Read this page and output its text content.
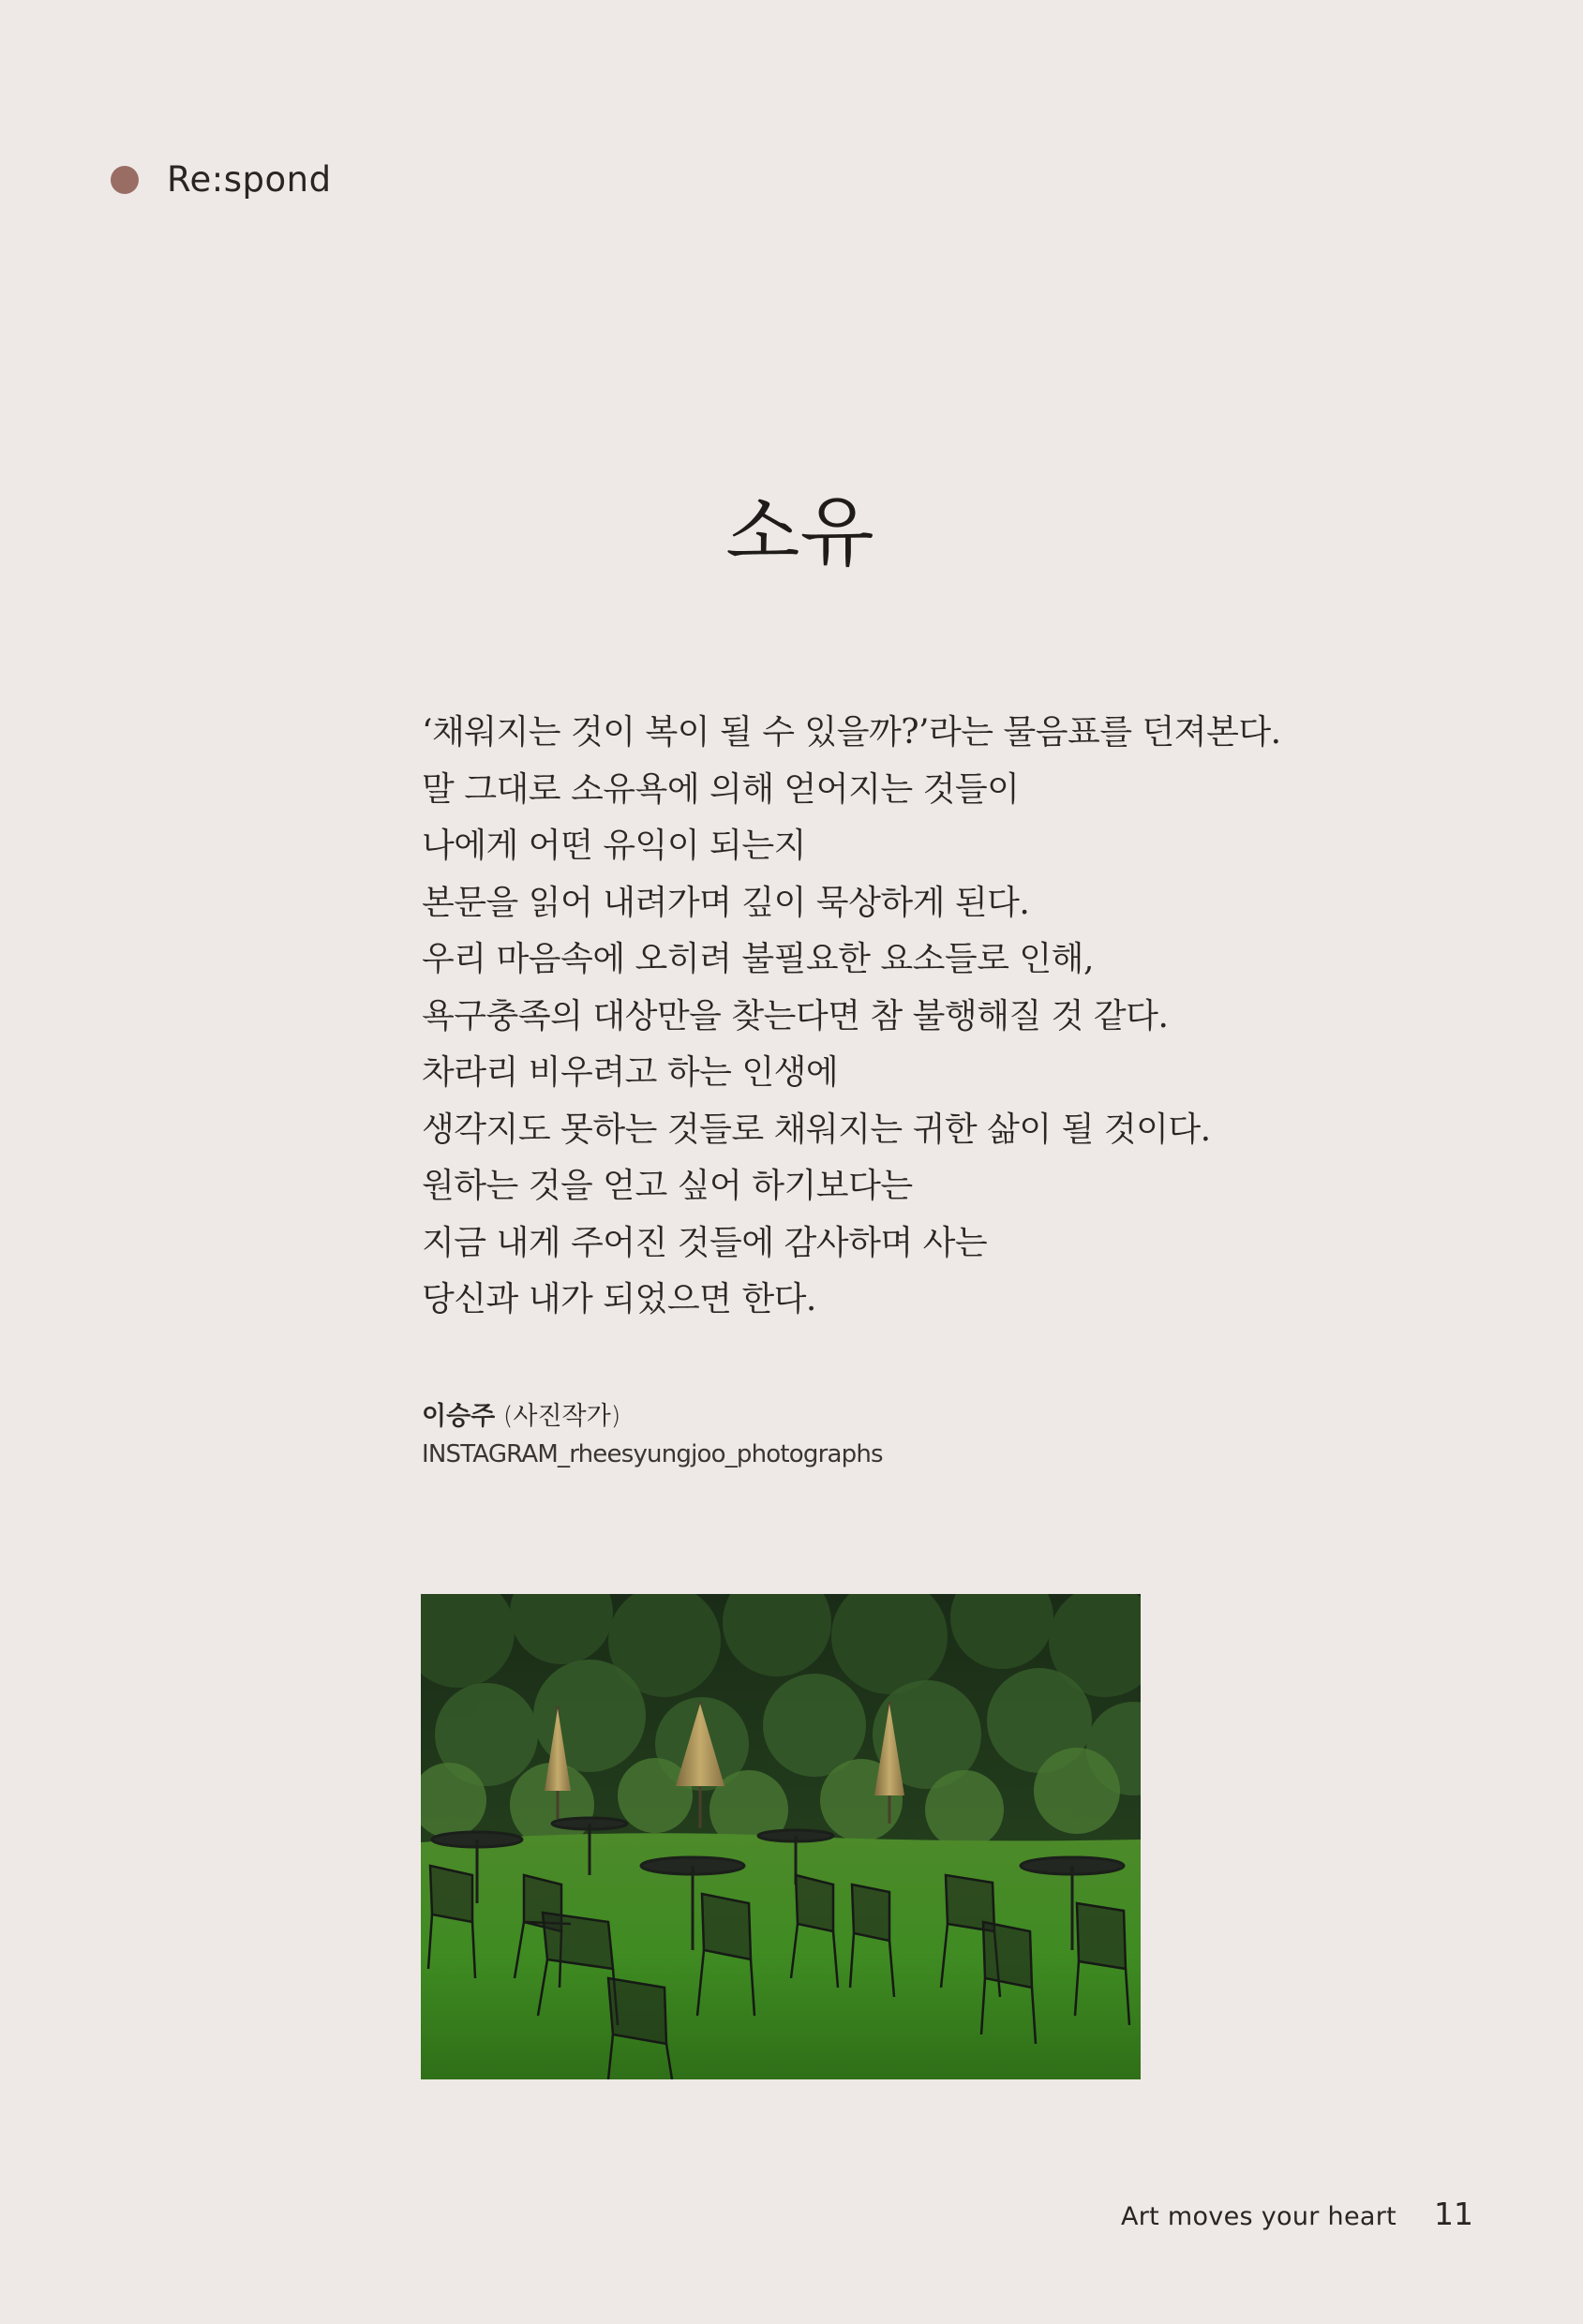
Re:spond
소유
‘채워지는 것이 복이 될 수 있을까?’라는 물음표를 던져본다.
말 그대로 소유욕에 의해 얻어지는 것들이
나에게 어떤 유익이 되는지
본문을 읽어 내려가며 깊이 묵상하게 된다.
우리 마음속에 오히려 불필요한 요소들로 인해,
욕구충족의 대상만을 찾는다면 참 불행해질 것 같다.
차라리 비우려고 하는 인생에
생각지도 못하는 것들로 채워지는 귀한 삶이 될 것이다.
원하는 것을 얻고 싶어 하기보다는
지금 내게 주어진 것들에 감사하며 사는
당신과 내가 되었으면 한다.
이승주 (사진작가)
INSTAGRAM_rheesyungjoo_photographs
Art moves your heart 11
